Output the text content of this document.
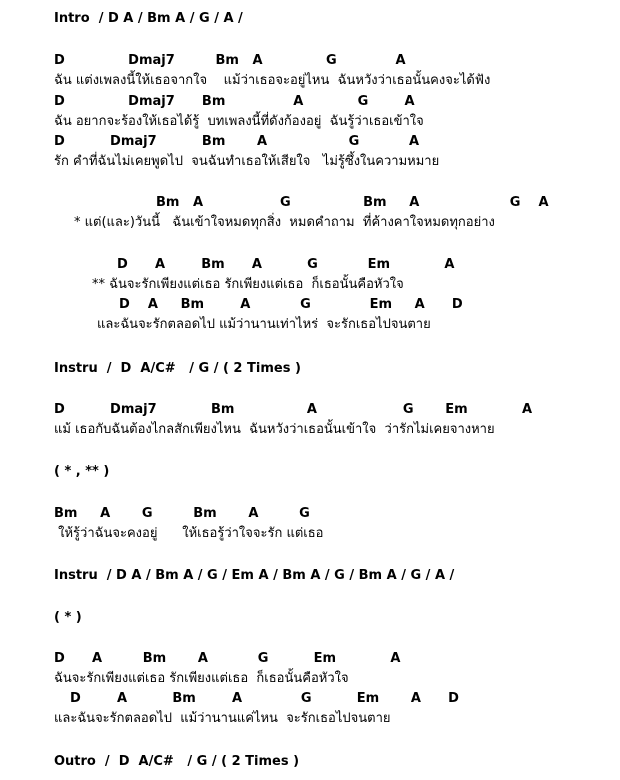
Intro  / D A / Bm A / G / A /
D              Dmaj7         Bm   A              G             A
ฉัน แต่งเพลงนี้ให้เธอจากใจ    แม้ว่าเธอจะอยู่ไหน  ฉันหวังว่าเธอนั้นคงจะได้ฟัง
D              Dmaj7      Bm               A            G        A
ฉัน อยากจะร้องให้เธอได้รู้  บทเพลงนี้ที่ดังก้องอยู่  ฉันรู้ว่าเธอเข้าใจ
D          Dmaj7          Bm       A                  G           A
รัก คำที่ฉันไม่เคยพูดไป  จนฉันทำเธอให้เสียใจ   ไม่รู้ซึ้งในความหมาย
Bm   A                 G                Bm     A                    G    A
* แต่(และ)วันนี้   ฉันเข้าใจหมดทุกสิ่ง  หมดคำถาม  ที่ค้างคาใจหมดทุกอย่าง
D      A        Bm      A          G           Em            A
** ฉันจะรักเพียงแต่เธอ รักเพียงแต่เธอ  ก็เธอนั้นคือหัวใจ
D    A     Bm        A           G             Em     A      D
และฉันจะรักตลอดไป แม้ว่านานเท่าไหร่  จะรักเธอไปจนตาย
Instru  /  D  A/C#   / G / ( 2 Times )
D          Dmaj7            Bm                A                   G       Em            A
แม้ เธอกับฉันต้องไกลสักเพียงไหน  ฉันหวังว่าเธอนั้นเข้าใจ  ว่ารักไม่เคยจางหาย
( * , ** )
Bm     A       G         Bm       A         G
ให้รู้ว่าฉันจะคงอยู่      ให้เธอรู้ว่าใจจะรัก แต่เธอ
Instru  / D A / Bm A / G / Em A / Bm A / G / Bm A / G / A /
( * )
D      A         Bm       A           G          Em            A
ฉันจะรักเพียงแต่เธอ รักเพียงแต่เธอ  ก็เธอนั้นคือหัวใจ
D        A          Bm        A             G          Em       A      D
และฉันจะรักตลอดไป  แม้ว่านานแค่ไหน  จะรักเธอไปจนตาย
Outro  /  D  A/C#   / G / ( 2 Times )
